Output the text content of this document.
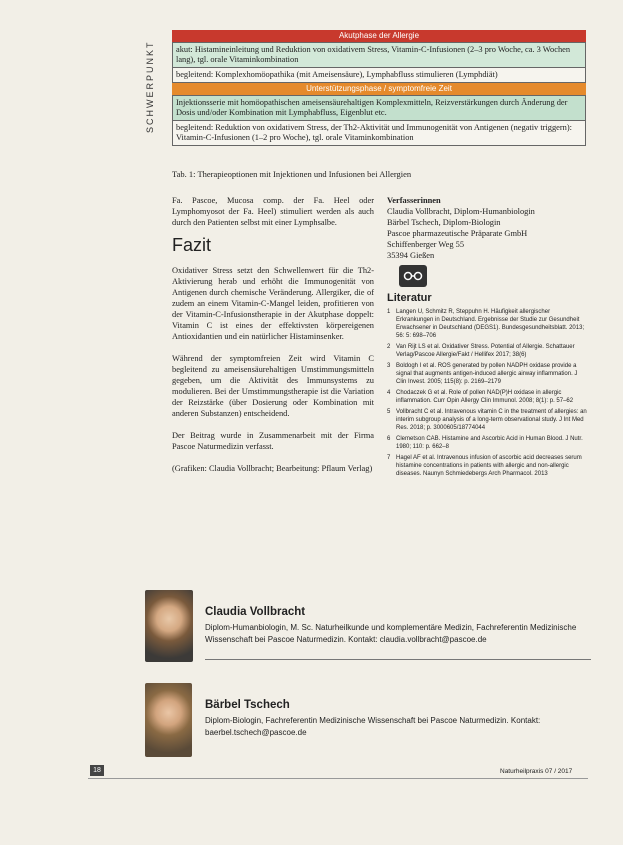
SCHWERPUNKT
Akutphase der Allergie
akut: Histamineinleitung und Reduktion von oxidativem Stress, Vitamin-C-Infusionen (2–3 pro Woche, ca. 3 Wochen lang), tgl. orale Vitaminkombination
begleitend: Komplexhomöopathika (mit Ameisensäure), Lymphabfluss stimulieren (Lymphdiät)
Unterstützungsphase / symptomfreie Zeit
Injektionsserie mit homöopathischen ameisensäurehaltigen Komplexmitteln, Reizverstärkungen durch Änderung der Dosis und/oder Kombination mit Lymphabfluss, Eigenblut etc.
begleitend: Reduktion von oxidativem Stress, der Th2-Aktivität und Immunogenität von Antigenen (negativ triggern): Vitamin-C-Infusionen (1–2 pro Woche), tgl. orale Vitaminkombination
Tab. 1: Therapieoptionen mit Injektionen und Infusionen bei Allergien

Fa. Pascoe, Mucosa comp. der Fa. Heel oder Lymphomyosot der Fa. Heel) stimuliert werden als auch durch den Patienten selbst mit einer Lymphsalbe.

Fazit

Oxidativer Stress setzt den Schwellenwert für die Th2-Aktivierung herab und erhöht die Immunogenität von Antigenen durch chemische Veränderung. Allergiker, die of zudem an einem Vitamin-C-Mangel leiden, profitieren von der Vitamin-C-Infusionstherapie in der Akutphase doppelt: Vitamin C ist eines der effektivsten körpereigenen Antioxidantien und ein natürlicher Histaminsenker.

Während der symptomfreien Zeit wird Vitamin C begleitend zu ameisensäurehaltigen Umstimmungsmitteln gegeben, um die Aktivität des Immunsystems zu modulieren. Bei der Umstimmungstherapie ist die Variation der Reizstärke (über Dosierung oder Kombination mit anderen Substanzen) entscheidend.

Der Beitrag wurde in Zusammenarbeit mit der Firma Pascoe Naturmedizin verfasst.

(Grafiken: Claudia Vollbracht; Bearbeitung: Pflaum Verlag)

Verfasserinnen
Claudia Vollbracht, Diplom-Humanbiologin
Bärbel Tschech, Diplom-Biologin
Pascoe pharmazeutische Präparate GmbH
Schiffenberger Weg 55
35394 Gießen
Literatur
1 Langen U, Schmitz R, Steppuhn H. Häufigkeit allergischer Erkrankungen in Deutschland. Ergebnisse der Studie zur Gesundheit Erwachsener in Deutschland (DEGS1). Bundesgesundheitsblatt. 2013; 56: 5: 698–706
2 Van Rijt LS et al. Oxidativer Stress. Potential of Allergie. Schattauer Verlag/Pascoe Allergie/Fakt / Hellifex 2017; 38(6)
3 Boldogh I et al. ROS generated by pollen NADPH oxidase provide a signal that augments antigen-induced allergic airway inflammation. J Clin Invest. 2005; 115(8): p. 2169–2179
4 Chodaczek G et al. Role of pollen NAD(P)H oxidase in allergic inflammation. Curr Opin Allergy Clin Immunol. 2008; 8(1): p. 57–62
5 Vollbracht C et al. Intravenous vitamin C in the treatment of allergies: an interim subgroup analysis of a long-term observational study. J Int Med Res. 2018; p. 3000605/18774044
6 Clemetson CAB. Histamine and Ascorbic Acid in Human Blood. J Nutr. 1980; 110: p. 662–8
7 Hagel AF et al. Intravenous infusion of ascorbic acid decreases serum histamine concentrations in patients with allergic and non-allergic diseases. Naunyn Schmiedebergs Arch Pharmacol. 2013
Claudia Vollbracht
Diplom-Humanbiologin, M. Sc. Naturheilkunde und komplementäre Medizin, Fachreferentin Medizinische Wissenschaft bei Pascoe Naturmedizin. Kontakt: claudia.vollbracht@pascoe.de
Bärbel Tschech
Diplom-Biologin, Fachreferentin Medizinische Wissenschaft bei Pascoe Naturmedizin. Kontakt: baerbel.tschech@pascoe.de
18	Naturheilpraxis 07 / 2017
